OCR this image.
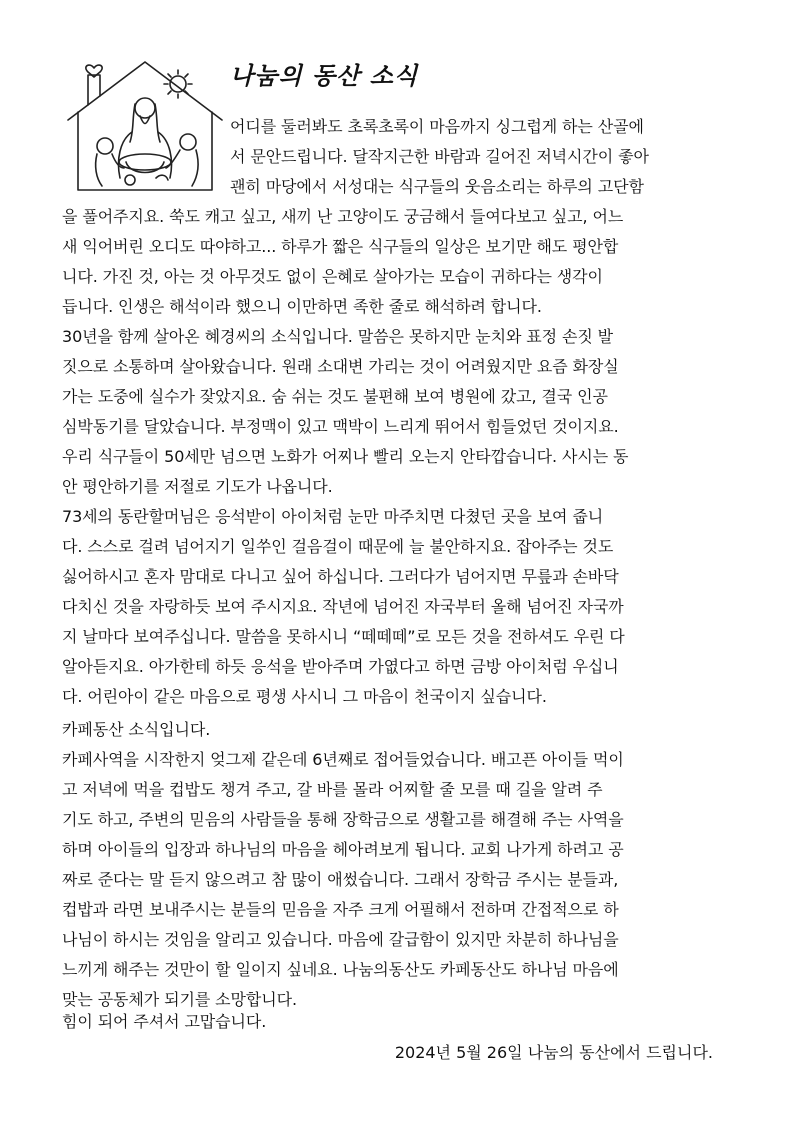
나눔의 동산 소식
어디를 둘러봐도 초록초록이 마음까지 싱그럽게 하는 산골에
서 문안드립니다. 달작지근한 바람과 길어진 저녁시간이 좋아
괜히 마당에서 서성대는 식구들의 웃음소리는 하루의 고단함
을 풀어주지요. 쑥도 캐고 싶고, 새끼 난 고양이도 궁금해서 들여다보고 싶고, 어느
새 익어버린 오디도 따야하고... 하루가 짧은 식구들의 일상은 보기만 해도 평안합
니다. 가진 것, 아는 것 아무것도 없이 은혜로 살아가는 모습이 귀하다는 생각이
듭니다. 인생은 해석이라 했으니 이만하면 족한 줄로 해석하려 합니다.
30년을 함께 살아온 혜경씨의 소식입니다. 말씀은 못하지만 눈치와 표정 손짓 발
짓으로 소통하며 살아왔습니다. 원래 소대변 가리는 것이 어려웠지만 요즘 화장실
가는 도중에 실수가 잦았지요. 숨 쉬는 것도 불편해 보여 병원에 갔고, 결국 인공
심박동기를 달았습니다. 부정맥이 있고 맥박이 느리게 뛰어서 힘들었던 것이지요.
우리 식구들이 50세만 넘으면 노화가 어찌나 빨리 오는지 안타깝습니다. 사시는 동
안 평안하기를 저절로 기도가 나옵니다.
73세의 동란할머님은 응석받이 아이처럼 눈만 마주치면 다쳤던 곳을 보여 줍니
다. 스스로 걸려 넘어지기 일쑤인 걸음걸이 때문에 늘 불안하지요. 잡아주는 것도
싫어하시고 혼자 맘대로 다니고 싶어 하십니다. 그러다가 넘어지면 무릎과 손바닥
다치신 것을 자랑하듯 보여 주시지요. 작년에 넘어진 자국부터 올해 넘어진 자국까
지 날마다 보여주십니다. 말씀을 못하시니 “떼떼떼”로 모든 것을 전하셔도 우린 다
알아듣지요. 아가한테 하듯 응석을 받아주며 가엾다고 하면 금방 아이처럼 우십니
다. 어린아이 같은 마음으로 평생 사시니 그 마음이 천국이지 싶습니다.
카페동산 소식입니다.
카페사역을 시작한지 엊그제 같은데 6년째로 접어들었습니다. 배고픈 아이들 먹이
고 저녁에 먹을 컵밥도 챙겨 주고, 갈 바를 몰라 어찌할 줄 모를 때 길을 알려 주
기도 하고, 주변의 믿음의 사람들을 통해 장학금으로 생활고를 해결해 주는 사역을
하며 아이들의 입장과 하나님의 마음을 헤아려보게 됩니다. 교회 나가게 하려고 공
짜로 준다는 말 듣지 않으려고 참 많이 애썼습니다. 그래서 장학금 주시는 분들과,
컵밥과 라면 보내주시는 분들의 믿음을 자주 크게 어필해서 전하며 간접적으로 하
나님이 하시는 것임을 알리고 있습니다. 마음에 갈급함이 있지만 차분히 하나님을
느끼게 해주는 것만이 할 일이지 싶네요. 나눔의동산도 카페동산도 하나님 마음에
맞는 공동체가 되기를 소망합니다.
힘이 되어 주셔서 고맙습니다.
2024년 5월 26일 나눔의 동산에서 드립니다.
